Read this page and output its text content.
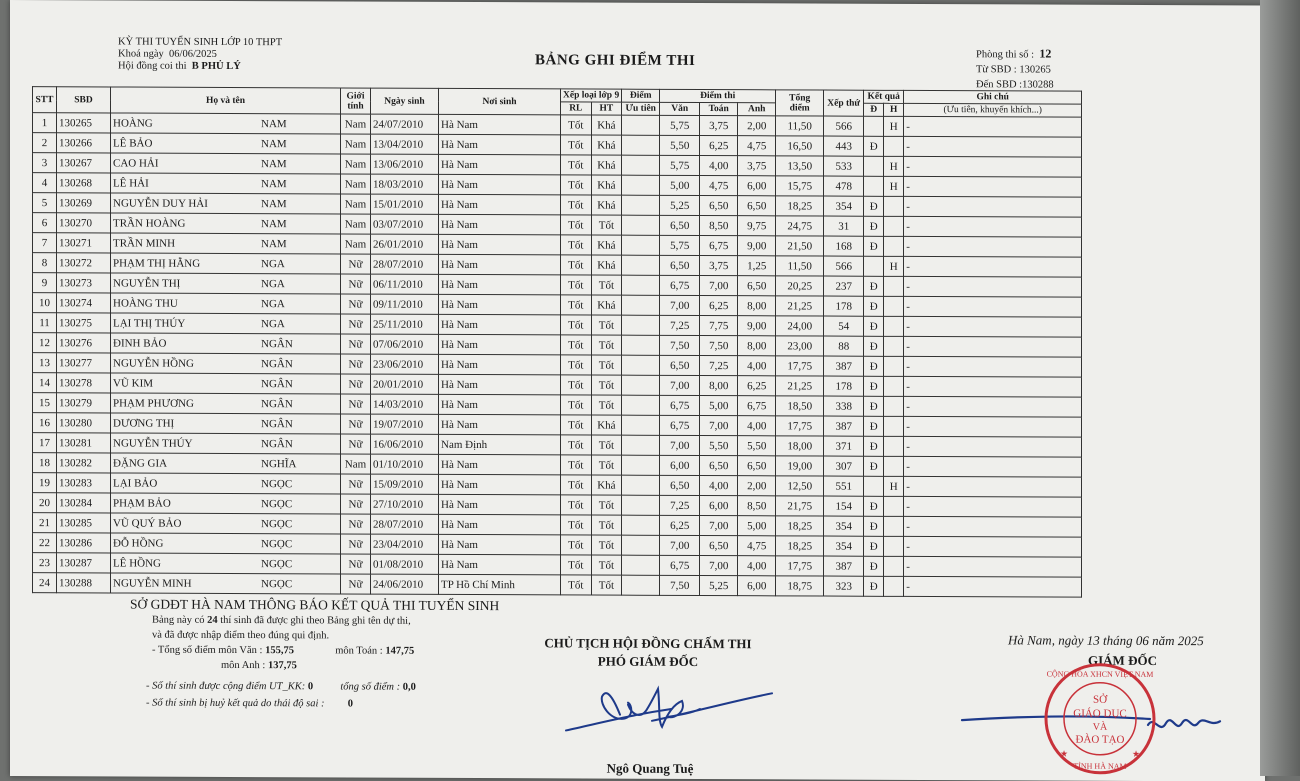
KỲ THI TUYỂN SINH LỚP 10 THPT
Khoá ngày 06/06/2025
Hội đồng coi thi B PHỦ LÝ	BẢNG GHI ĐIỂM THI	Phòng thi số : 12
Từ SBD : 130265
Đến SBD :130288
STT	SBD	Họ và tên	Giới tính	Ngày sinh	Nơi sinh	Xếp loại lớp 9		Điểm	Điểm thi			Tổng điểm	Xếp thứ	Kết quả		Ghi chú
						RL	HT	Ưu tiên	Văn	Toán	Anh			Đ	H	(Ưu tiên, khuyến khích...)
1	130265	HOÀNG NAM	Nam	24/07/2010	Hà Nam	Tốt	Khá		5,75	3,75	2,00	11,50	566		H	-
2	130266	LÊ BẢO NAM	Nam	13/04/2010	Hà Nam	Tốt	Khá		5,50	6,25	4,75	16,50	443	Đ		-
3	130267	CAO HẢI NAM	Nam	13/06/2010	Hà Nam	Tốt	Khá		5,75	4,00	3,75	13,50	533		H	-
4	130268	LÊ HẢI NAM	Nam	18/03/2010	Hà Nam	Tốt	Khá		5,00	4,75	6,00	15,75	478		H	-
5	130269	NGUYỄN DUY HẢI NAM	Nam	15/01/2010	Hà Nam	Tốt	Khá		5,25	6,50	6,50	18,25	354	Đ		-
6	130270	TRẦN HOÀNG NAM	Nam	03/07/2010	Hà Nam	Tốt	Tốt		6,50	8,50	9,75	24,75	31	Đ		-
7	130271	TRẦN MINH NAM	Nam	26/01/2010	Hà Nam	Tốt	Khá		5,75	6,75	9,00	21,50	168	Đ		-
8	130272	PHẠM THỊ HẰNG NGA	Nữ	28/07/2010	Hà Nam	Tốt	Khá		6,50	3,75	1,25	11,50	566		H	-
9	130273	NGUYỄN THỊ NGA	Nữ	06/11/2010	Hà Nam	Tốt	Tốt		6,75	7,00	6,50	20,25	237	Đ		-
10	130274	HOÀNG THU NGA	Nữ	09/11/2010	Hà Nam	Tốt	Khá		7,00	6,25	8,00	21,25	178	Đ		-
11	130275	LẠI THỊ THÚY NGA	Nữ	25/11/2010	Hà Nam	Tốt	Tốt		7,25	7,75	9,00	24,00	54	Đ		-
12	130276	ĐINH BẢO NGÂN	Nữ	07/06/2010	Hà Nam	Tốt	Tốt		7,50	7,50	8,00	23,00	88	Đ		-
13	130277	NGUYỄN HỒNG NGÂN	Nữ	23/06/2010	Hà Nam	Tốt	Tốt		6,50	7,25	4,00	17,75	387	Đ		-
14	130278	VŨ KIM NGÂN	Nữ	20/01/2010	Hà Nam	Tốt	Tốt		7,00	8,00	6,25	21,25	178	Đ		-
15	130279	PHẠM PHƯƠNG NGÂN	Nữ	14/03/2010	Hà Nam	Tốt	Tốt		6,75	5,00	6,75	18,50	338	Đ		-
16	130280	DƯƠNG THỊ NGÂN	Nữ	19/07/2010	Hà Nam	Tốt	Khá		6,75	7,00	4,00	17,75	387	Đ		-
17	130281	NGUYỄN THÚY NGÂN	Nữ	16/06/2010	Nam Định	Tốt	Tốt		7,00	5,50	5,50	18,00	371	Đ		-
18	130282	ĐẶNG GIA NGHĨA	Nam	01/10/2010	Hà Nam	Tốt	Tốt		6,00	6,50	6,50	19,00	307	Đ		-
19	130283	LẠI BẢO NGỌC	Nữ	15/09/2010	Hà Nam	Tốt	Khá		6,50	4,00	2,00	12,50	551		H	-
20	130284	PHẠM BẢO NGỌC	Nữ	27/10/2010	Hà Nam	Tốt	Tốt		7,25	6,00	8,50	21,75	154	Đ		-
21	130285	VŨ QUÝ BẢO NGỌC	Nữ	28/07/2010	Hà Nam	Tốt	Tốt		6,25	7,00	5,00	18,25	354	Đ		-
22	130286	ĐỖ HỒNG NGỌC	Nữ	23/04/2010	Hà Nam	Tốt	Tốt		7,00	6,50	4,75	18,25	354	Đ		-
23	130287	LÊ HỒNG NGỌC	Nữ	01/08/2010	Hà Nam	Tốt	Tốt		6,75	7,00	4,00	17,75	387	Đ		-
24	130288	NGUYỄN MINH NGỌC	Nữ	24/06/2010	TP Hồ Chí Minh	Tốt	Tốt		7,50	5,25	6,00	18,75	323	Đ		-
SỞ GDĐT HÀ NAM THÔNG BÁO KẾT QUẢ THI TUYỂN SINH
Bảng này có 24 thí sinh đã được ghi theo Bảng ghi tên dự thi,
và đã được nhập điểm theo đúng qui định.
- Tổng số điểm môn Văn : 155,75	môn Toán : 147,75
môn Anh : 137,75
- Số thí sinh được cộng điểm UT_KK: 0	tổng số điểm : 0,0
- Số thí sinh bị huỷ kết quả do thái độ sai : 0
CHỦ TỊCH HỘI ĐỒNG CHẤM THI
PHÓ GIÁM ĐỐC
Ngô Quang Tuệ
Hà Nam, ngày 13 tháng 06 năm 2025
GIÁM ĐỐC
SỞ
GIÁO DỤC
VÀ
ĐÀO TẠO
CỘNG HÒA XHCN VIỆT NAM
TỈNH HÀ NAM
★	★
